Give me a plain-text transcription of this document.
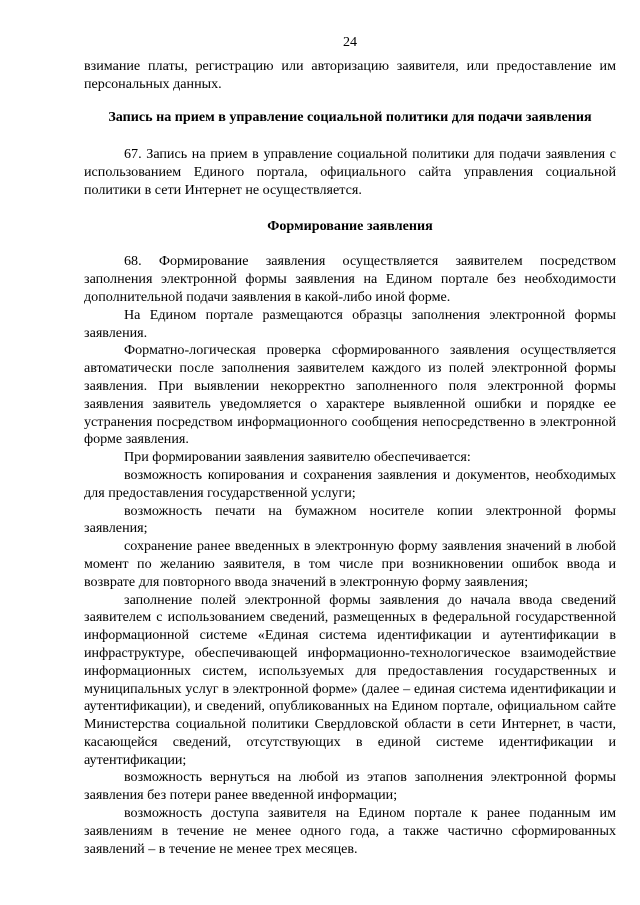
24

взимание платы, регистрацию или авторизацию заявителя, или предоставление им персональных данных.

Запись на прием в управление социальной политики для подачи заявления

67. Запись на прием в управление социальной политики для подачи заявления с использованием Единого портала, официального сайта управления социальной политики в сети Интернет не осуществляется.

Формирование заявления

68. Формирование заявления осуществляется заявителем посредством заполнения электронной формы заявления на Едином портале без необходимости дополнительной подачи заявления в какой-либо иной форме.

На Едином портале размещаются образцы заполнения электронной формы заявления.

Форматно-логическая проверка сформированного заявления осуществляется автоматически после заполнения заявителем каждого из полей электронной формы заявления. При выявлении некорректно заполненного поля электронной формы заявления заявитель уведомляется о характере выявленной ошибки и порядке ее устранения посредством информационного сообщения непосредственно в электронной форме заявления.

При формировании заявления заявителю обеспечивается:

возможность копирования и сохранения заявления и документов, необходимых для предоставления государственной услуги;

возможность печати на бумажном носителе копии электронной формы заявления;

сохранение ранее введенных в электронную форму заявления значений в любой момент по желанию заявителя, в том числе при возникновении ошибок ввода и возврате для повторного ввода значений в электронную форму заявления;

заполнение полей электронной формы заявления до начала ввода сведений заявителем с использованием сведений, размещенных в федеральной государственной информационной системе «Единая система идентификации и аутентификации в инфраструктуре, обеспечивающей информационно-технологическое взаимодействие информационных систем, используемых для предоставления государственных и муниципальных услуг в электронной форме» (далее – единая система идентификации и аутентификации), и сведений, опубликованных на Едином портале, официальном сайте Министерства социальной политики Свердловской области в сети Интернет, в части, касающейся сведений, отсутствующих в единой системе идентификации и аутентификации;

возможность вернуться на любой из этапов заполнения электронной формы заявления без потери ранее введенной информации;

возможность доступа заявителя на Едином портале к ранее поданным им заявлениям в течение не менее одного года, а также частично сформированных заявлений – в течение не менее трех месяцев.
